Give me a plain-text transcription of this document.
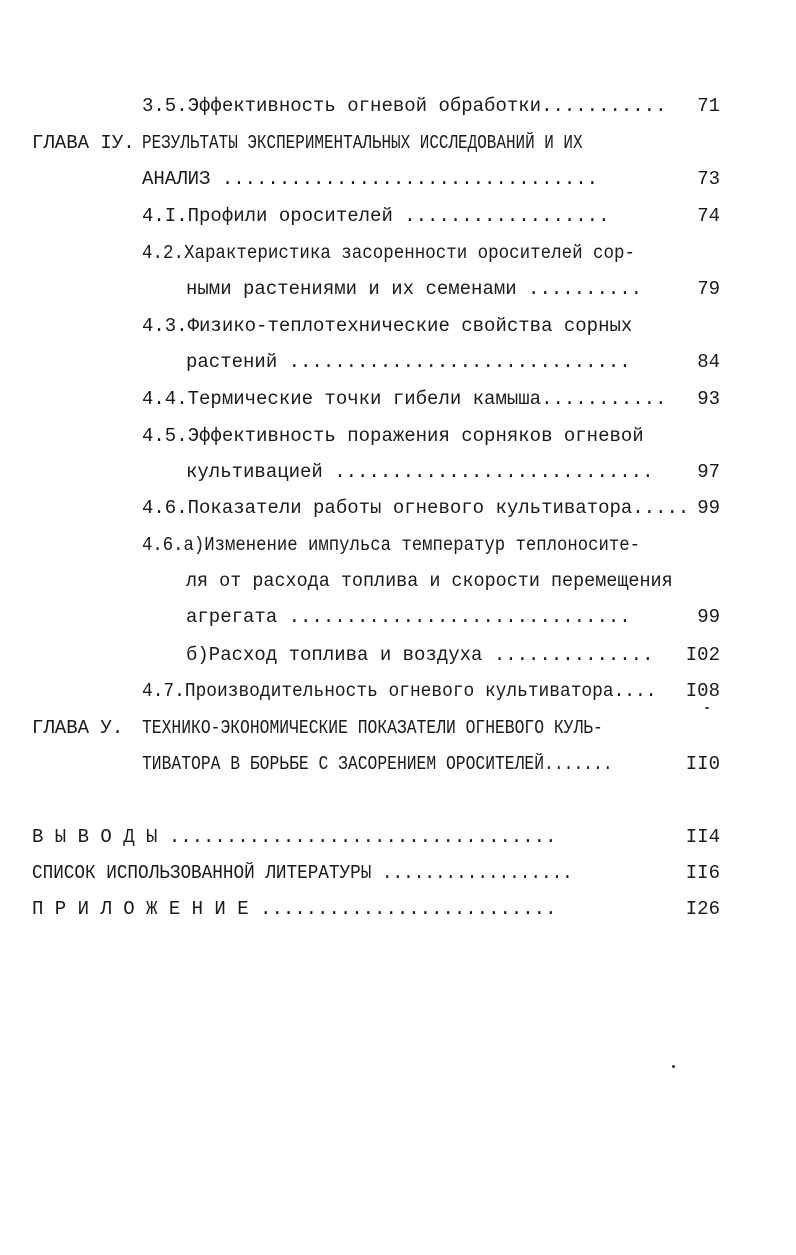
3.5.Эффективность огневой обработки........... 71
ГЛАВА IУ. РЕЗУЛЬТАТЫ ЭКСПЕРИМЕНТАЛЬНЫХ ИССЛЕДОВАНИЙ И ИХ
АНАЛИЗ .................................	73
4.I.Профили оросителей ..................	74
4.2.Характеристика засоренности оросителей сор-
ными растениями и их семенами ..........	79
4.3.Физико-теплотехнические свойства сорных
растений ..............................	84
4.4.Термические точки гибели камыша........... 93
4.5.Эффективность поражения сорняков огневой
культивацией ............................ 97
4.6.Показатели работы огневого культиватора..... 99
4.6.а)Изменение импульса температур теплоносите-
ля от расхода топлива и скорости перемещения
агрегата ..............................	99
б)Расход топлива и воздуха .............. I02
4.7.Производительность огневого культиватора.... I08
ГЛАВА У. ТЕХНИКО-ЭКОНОМИЧЕСКИЕ ПОКАЗАТЕЛИ ОГНЕВОГО КУЛЬ-
ТИВАТОРА В БОРЬБЕ С ЗАСОРЕНИЕМ ОРОСИТЕЛЕЙ.......	II0
В Ы В О Д Ы ..................................	II4
СПИСОК ИСПОЛЬЗОВАННОЙ ЛИТЕРАТУРЫ ..................	II6
П Р И Л О Ж Е Н И Е ..........................	I26
